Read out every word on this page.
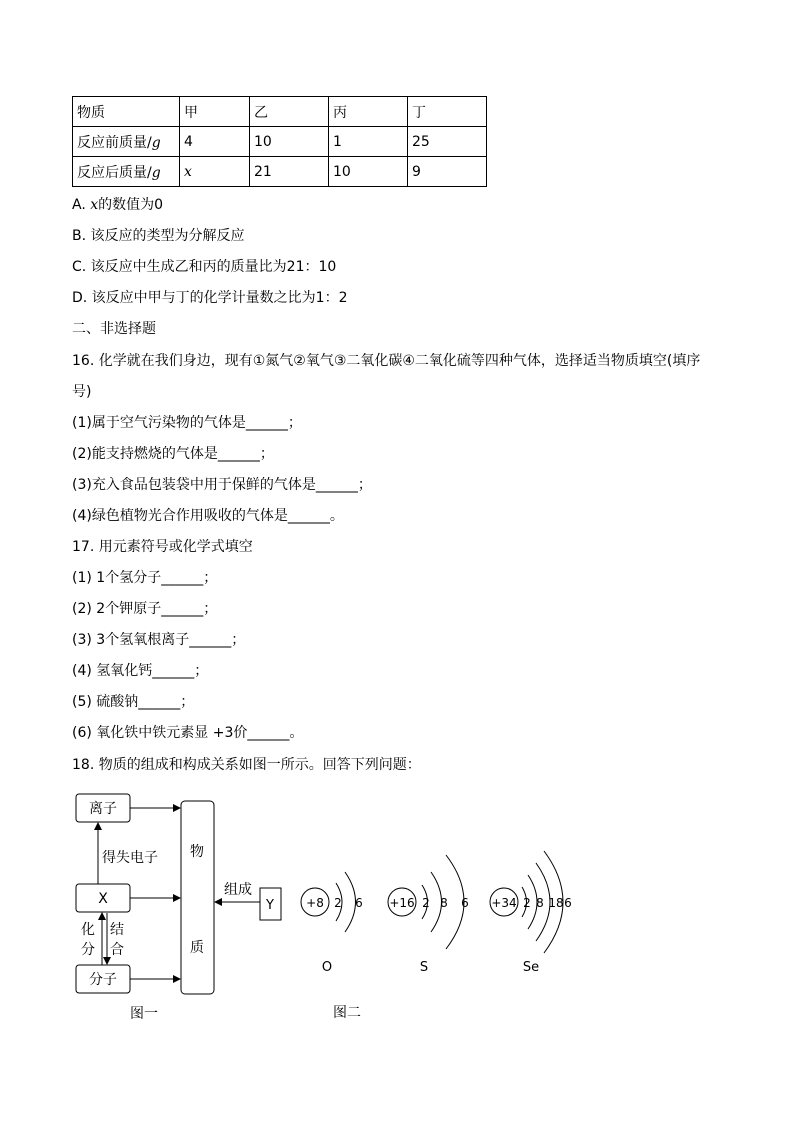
物质	甲	乙	丙	丁
反应前质量/g	4	10	1	25
反应后质量/g	x	21	10	9
A. x的数值为0
B. 该反应的类型为分解反应
C. 该反应中生成乙和丙的质量比为21：10
D. 该反应中甲与丁的化学计量数之比为1：2
二、非选择题
16. 化学就在我们身边，现有①氮气②氧气③二氧化碳④二氧化硫等四种气体，选择适当物质填空(填序
号)
(1)属于空气污染物的气体是______；
(2)能支持燃烧的气体是______；
(3)充入食品包装袋中用于保鲜的气体是______；
(4)绿色植物光合作用吸收的气体是______。
17. 用元素符号或化学式填空
(1) 1个氢分子______；
(2) 2个钾原子______；
(3) 3个氢氧根离子______；
(4) 氢氧化钙______；
(5) 硫酸钠______；
(6) 氧化铁中铁元素显 +3价______。
18. 物质的组成和构成关系如图一所示。回答下列问题：
离子
X
分子
物
质
得失电子
化
分
结
合
图一
组成
Y	+8 2 6
O
+16 2 8 6
S
+34 2 8 18 6
Se
图二
